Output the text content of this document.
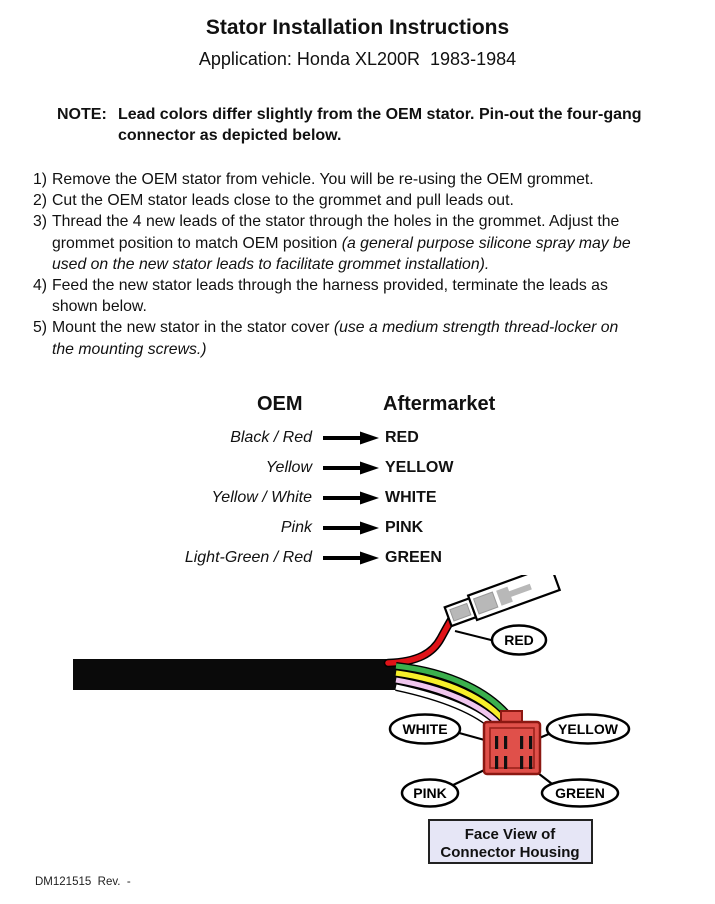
Stator Installation Instructions
Application: Honda XL200R  1983-1984
NOTE: Lead colors differ slightly from the OEM stator. Pin-out the four-gang
connector as depicted below.
1) Remove the OEM stator from vehicle. You will be re-using the OEM grommet.
2) Cut the OEM stator leads close to the grommet and pull leads out.
3) Thread the 4 new leads of the stator through the holes in the grommet. Adjust the
grommet position to match OEM position (a general purpose silicone spray may be
used on the new stator leads to facilitate grommet installation).
4) Feed the new stator leads through the harness provided, terminate the leads as
shown below.
5) Mount the new stator in the stator cover (use a medium strength thread-locker on
the mounting screws.)
OEM	Aftermarket
Black / Red	RED
Yellow	YELLOW
Yellow / White	WHITE
Pink	PINK
Light-Green / Red	GREEN
RED
WHITE	YELLOW
PINK	GREEN
Face View of
Connector Housing
DM121515  Rev.  -
